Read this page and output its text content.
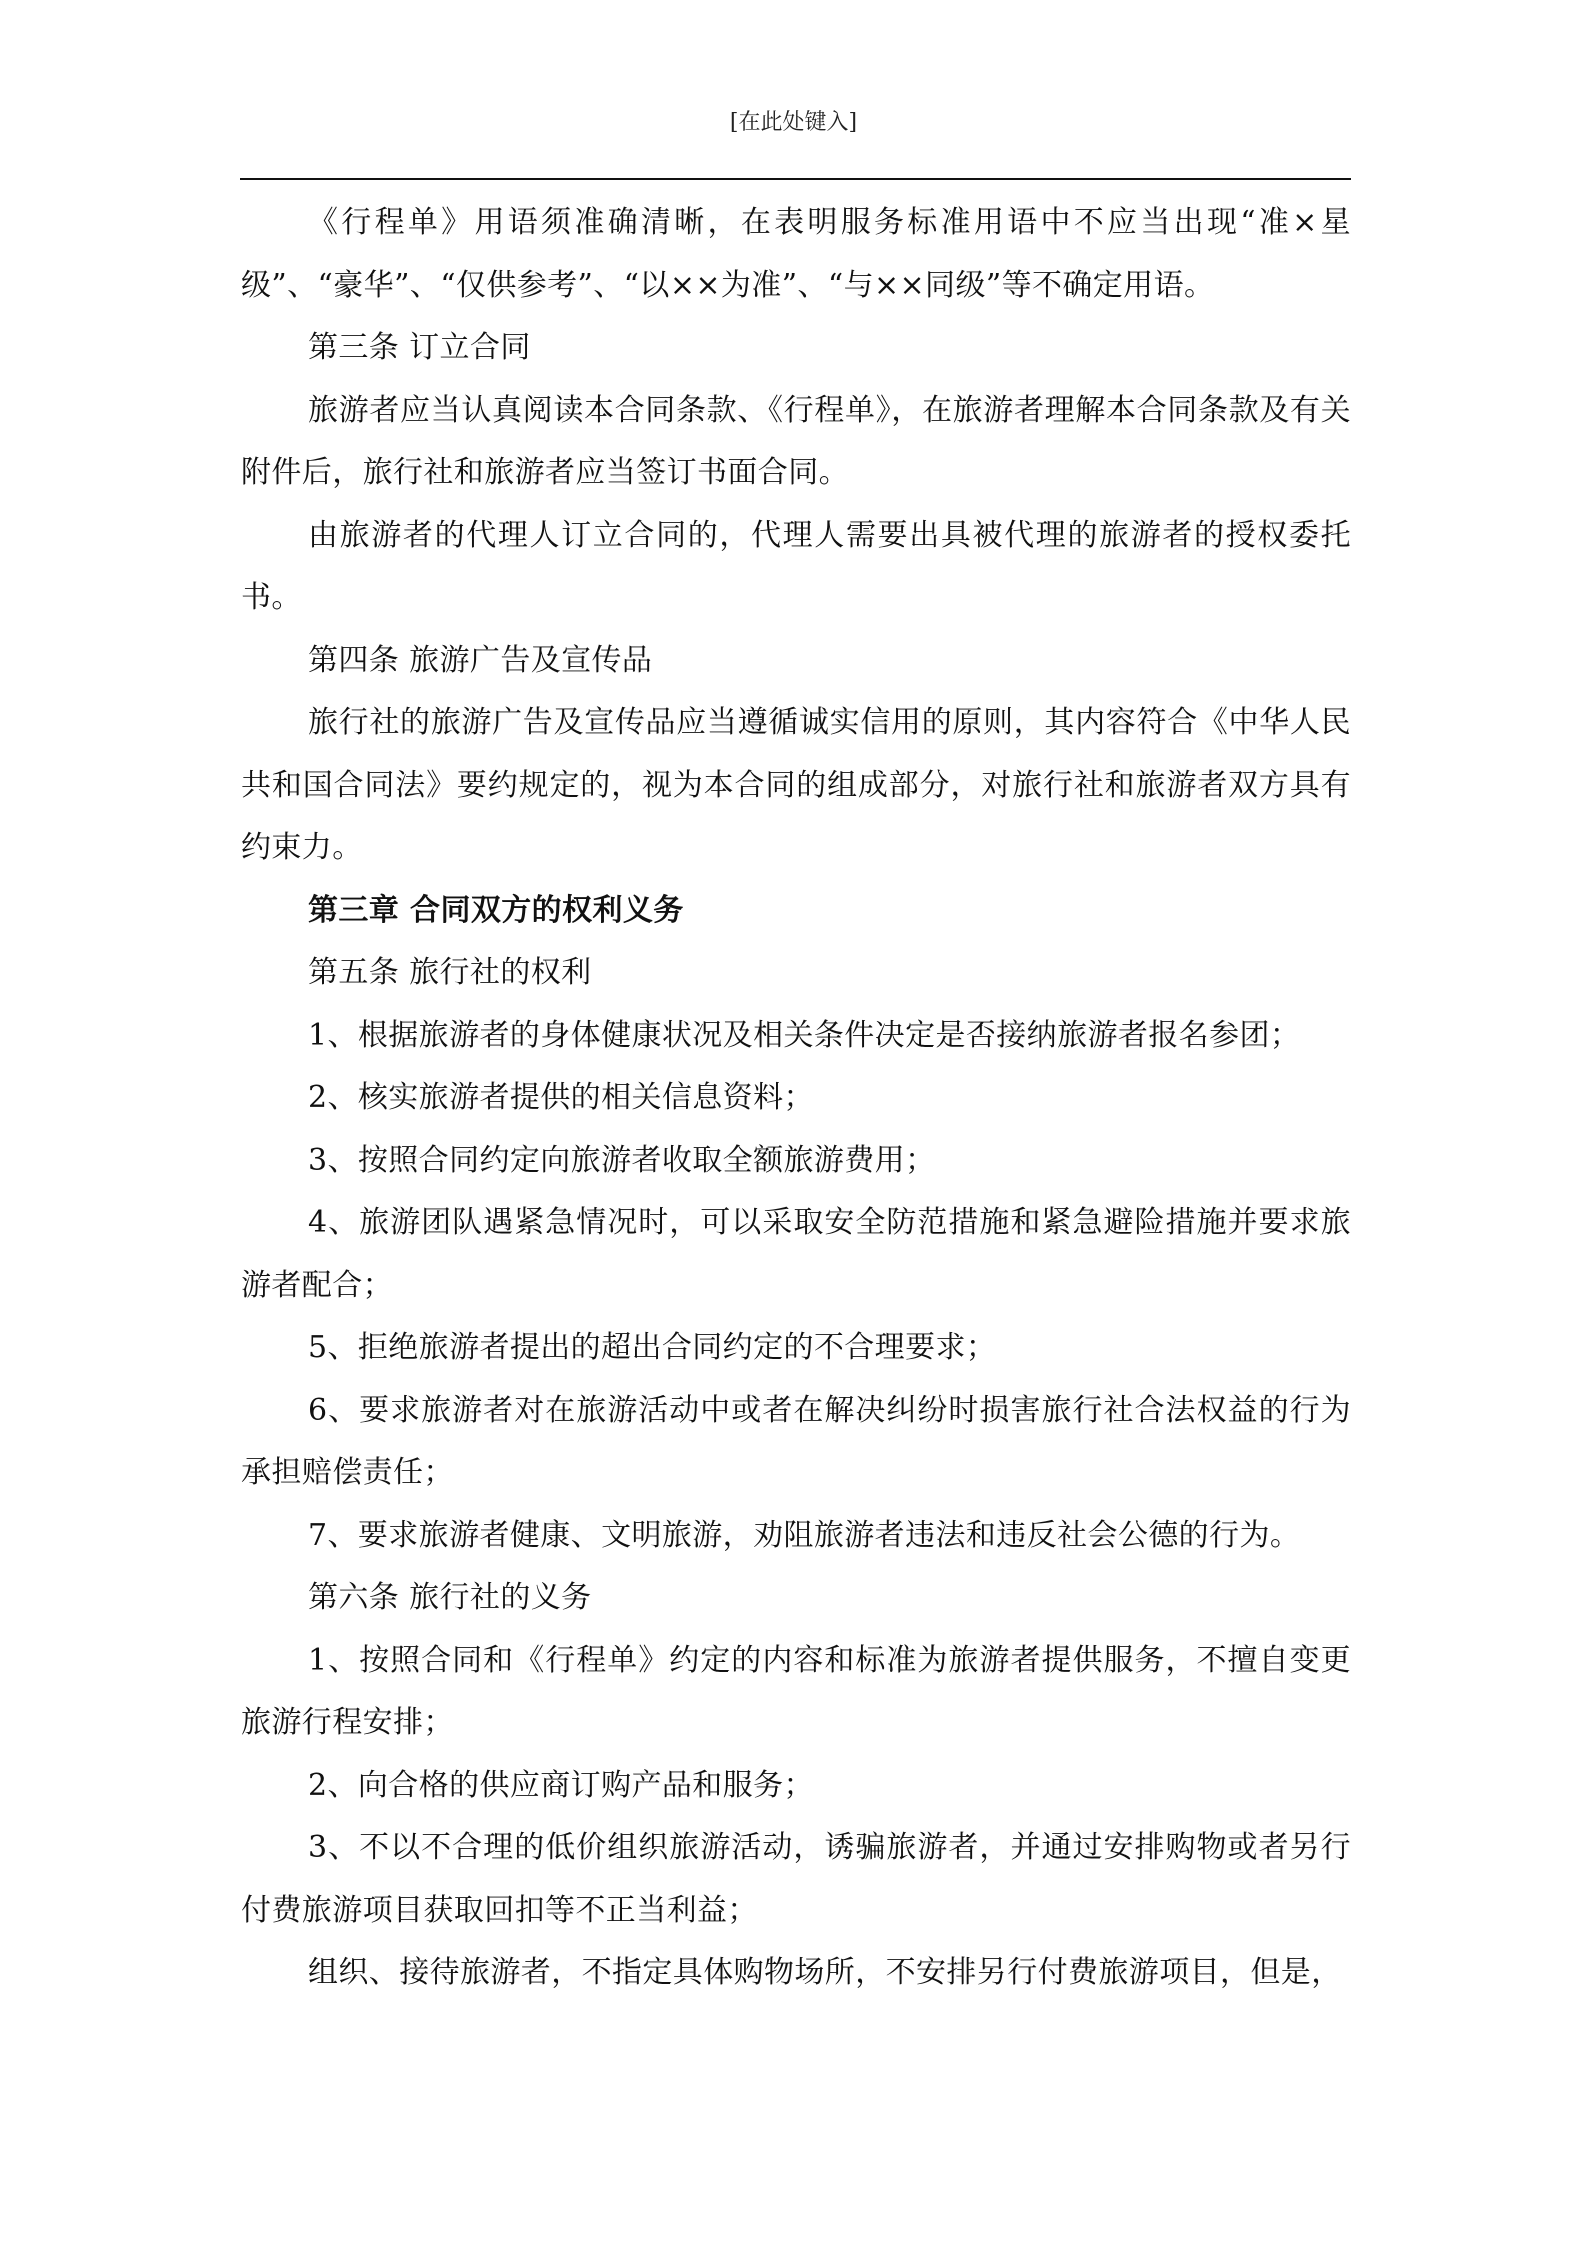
[在此处键入]

《行程单》用语须准确清晰，在表明服务标准用语中不应当出现“准×星级”、“豪华”、“仅供参考”、“以××为准”、“与××同级”等不确定用语。

第三条 订立合同

旅游者应当认真阅读本合同条款、《行程单》，在旅游者理解本合同条款及有关附件后，旅行社和旅游者应当签订书面合同。

由旅游者的代理人订立合同的，代理人需要出具被代理的旅游者的授权委托书。

第四条 旅游广告及宣传品

旅行社的旅游广告及宣传品应当遵循诚实信用的原则，其内容符合《中华人民共和国合同法》要约规定的，视为本合同的组成部分，对旅行社和旅游者双方具有约束力。

第三章 合同双方的权利义务

第五条 旅行社的权利

1、根据旅游者的身体健康状况及相关条件决定是否接纳旅游者报名参团；

2、核实旅游者提供的相关信息资料；

3、按照合同约定向旅游者收取全额旅游费用；

4、旅游团队遇紧急情况时，可以采取安全防范措施和紧急避险措施并要求旅游者配合；

5、拒绝旅游者提出的超出合同约定的不合理要求；

6、要求旅游者对在旅游活动中或者在解决纠纷时损害旅行社合法权益的行为承担赔偿责任；

7、要求旅游者健康、文明旅游，劝阻旅游者违法和违反社会公德的行为。

第六条 旅行社的义务

1、按照合同和《行程单》约定的内容和标准为旅游者提供服务，不擅自变更旅游行程安排；

2、向合格的供应商订购产品和服务；

3、不以不合理的低价组织旅游活动，诱骗旅游者，并通过安排购物或者另行付费旅游项目获取回扣等不正当利益；

组织、接待旅游者，不指定具体购物场所，不安排另行付费旅游项目，但是，
